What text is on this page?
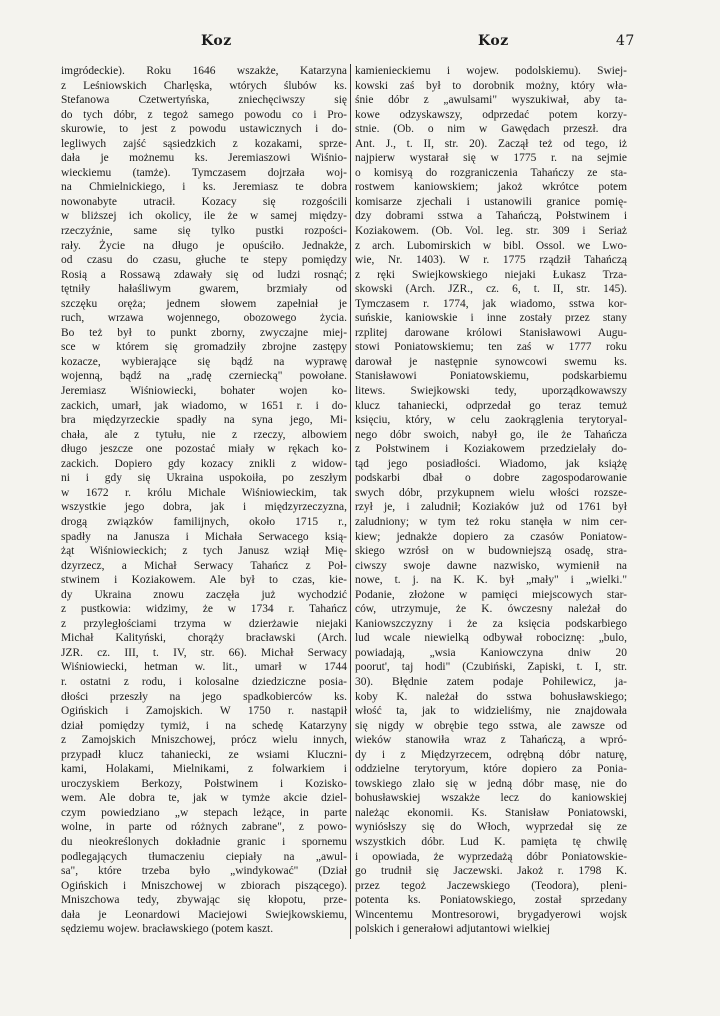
Koz	Koz	47
imgródeckie). Roku 1646 wszakże, Katarzyna
z Leśniowskich Charlęska, wtórych ślubów ks.
Stefanowa Czetwertyńska, zniechęciwszy się
do tych dóbr, z tegoż samego powodu co i Pro-
skurowie, to jest z powodu ustawicznych i do-
legliwych zajść sąsiedzkich z kozakami, sprze-
dała je możnemu ks. Jeremiaszowi Wiśnio-
wieckiemu (tamże). Tymczasem dojrzała woj-
na Chmielnickiego, i ks. Jeremiasz te dobra
nowonabyte utracił. Kozacy się rozgościli
w bliższej ich okolicy, ile że w samej między-
rzeczyźnie, same się tylko pustki rozpości-
rały. Życie na długo je opuściło. Jednakże,
od czasu do czasu, głuche te stepy pomiędzy
Rosią a Rossawą zdawały się od ludzi rosnąć;
tętniły hałaśliwym gwarem, brzmiały od
szczęku oręża; jednem słowem zapełniał je
ruch, wrzawa wojennego, obozowego życia.
Bo też był to punkt zborny, zwyczajne miej-
sce w którem się gromadziły zbrojne zastępy
kozacze, wybierające się bądź na wyprawę
wojenną, bądź na „radę czerniecką" powołane.
Jeremiasz Wiśniowiecki, bohater wojen ko-
zackich, umarł, jak wiadomo, w 1651 r. i do-
bra międzyrzeckie spadły na syna jego, Mi-
chała, ale z tytułu, nie z rzeczy, albowiem
długo jeszcze one pozostać miały w rękach ko-
zackich. Dopiero gdy kozacy znikli z widow-
ni i gdy się Ukraina uspokoiła, po zeszłym
w 1672 r. królu Michale Wiśniowieckim, tak
wszystkie jego dobra, jak i międzyrzeczyzna,
drogą związków familijnych, około 1715 r.,
spadły na Janusza i Michała Serwacego ksią-
żąt Wiśniowieckich; z tych Janusz wziął Mię-
dzyrzecz, a Michał Serwacy Tahańcz z Poł-
stwinem i Koziakowem. Ale był to czas, kie-
dy Ukraina znowu zaczęła już wychodzić
z pustkowia: widzimy, że w 1734 r. Tahańcz
z przyległościami trzyma w dzierżawie niejaki
Michał Kalityński, chorąży bracławski (Arch.
JZR. cz. III, t. IV, str. 66). Michał Serwacy
Wiśniowiecki, hetman w. lit., umarł w 1744
r. ostatni z rodu, i kolosalne dziedziczne posia-
dłości przeszły na jego spadkobierców ks.
Ogińskich i Zamojskich. W 1750 r. nastąpił
dział pomiędzy tymiż, i na schedę Katarzyny
z Zamojskich Mniszchowej, prócz wielu innych,
przypadł klucz tahaniecki, ze wsiami Kluczni-
kami, Holakami, Mielnikami, z folwarkiem i
uroczyskiem Berkozy, Połstwinem i Kozisko-
wem. Ale dobra te, jak w tymże akcie dziel-
czym powiedziano „w stepach leżące, in parte
wolne, in parte od różnych zabrane", z powo-
du nieokreślonych dokładnie granic i spornemu
podlegających tłumaczeniu ciepiały na „awul-
sa", które trzeba było „windykować" (Dział
Ogińskich i Mniszchowej w zbiorach piszącego).
Mniszchowa tedy, zbywając się kłopotu, prze-
dała je Leonardowi Maciejowi Swiejkowskiemu,
sędziemu wojew. bracławskiego (potem kaszt.
kamienieckiemu i wojew. podolskiemu). Swiej-
kowski zaś był to dorobnik możny, który wła-
śnie dóbr z „awulsami" wyszukiwał, aby ta-
kowe odzyskawszy, odprzedać potem korzy-
stnie. (Ob. o nim w Gawędach przeszł. dra
Ant. J., t. II, str. 20). Zaczął też od tego, iż
najpierw wystarał się w 1775 r. na sejmie
o komisyą do rozgraniczenia Tahańczy ze sta-
rostwem kaniowskiem; jakoż wkrótce potem
komisarze zjechali i ustanowili granice pomię-
dzy dobrami sstwa a Tahańczą, Połstwinem i
Koziakowem. (Ob. Vol. leg. str. 309 i Seriaż
z arch. Lubomirskich w bibl. Ossol. we Lwo-
wie, Nr. 1403). W r. 1775 rządził Tahańczą
z ręki Swiejkowskiego niejaki Łukasz Trza-
skowski (Arch. JZR., cz. 6, t. II, str. 145).
Tymczasem r. 1774, jak wiadomo, sstwa kor-
suńskie, kaniowskie i inne zostały przez stany
rzplitej darowane królowi Stanisławowi Augu-
stowi Poniatowskiemu; ten zaś w 1777 roku
darował je następnie synowcowi swemu ks.
Stanisławowi Poniatowskiemu, podskarbiemu
litews. Swiejkowski tedy, uporządkowawszy
klucz tahaniecki, odprzedał go teraz temuż
księciu, który, w celu zaokrąglenia terytoryal-
nego dóbr swoich, nabył go, ile że Tahańcza
z Połstwinem i Koziakowem przedzielały do-
tąd jego posiadłości. Wiadomo, jak książę
podskarbi dbał o dobre zagospodarowanie
swych dóbr, przykupnem wielu włości rozsze-
rzył je, i zaludnił; Koziaków już od 1761 był
zaludniony; w tym też roku stanęła w nim cer-
kiew; jednakże dopiero za czasów Poniatow-
skiego wzrósł on w budowniejszą osadę, stra-
ciwszy swoje dawne nazwisko, wymienił na
nowe, t. j. na K. K. był „mały" i „wielki."
Podanie, złożone w pamięci miejscowych star-
ców, utrzymuje, że K. ówczesny należał do
Kaniowszczyzny i że za księcia podskarbiego
lud wcale niewielką odbywał robociznę: „bulo,
powiadają, „wsia Kaniowczyna dniw 20
poorut', taj hodi" (Czubiński, Zapiski, t. I, str.
30). Błędnie zatem podaje Pohilewicz, ja-
koby K. należał do sstwa bohusławskiego;
włość ta, jak to widzieliśmy, nie znajdowała
się nigdy w obrębie tego sstwa, ale zawsze od
wieków stanowiła wraz z Tahańczą, a wpró-
dy i z Międzyrzecem, odrębną dóbr naturę,
oddzielne terytoryum, które dopiero za Ponia-
towskiego zlało się w jedną dóbr masę, nie do
bohusławskiej wszakże lecz do kaniowskiej
należąc ekonomii. Ks. Stanisław Poniatowski,
wyniósłszy się do Włoch, wyprzedał się ze
wszystkich dóbr. Lud K. pamięta tę chwilę
i opowiada, że wyprzedażą dóbr Poniatowskie-
go trudnił się Jaczewski. Jakoż r. 1798 K.
przez tegoż Jaczewskiego (Teodora), pleni-
potenta ks. Poniatowskiego, został sprzedany
Wincentemu Montresorowi, brygadyerowi wojsk
polskich i generałowi adjutantowi wielkiej
